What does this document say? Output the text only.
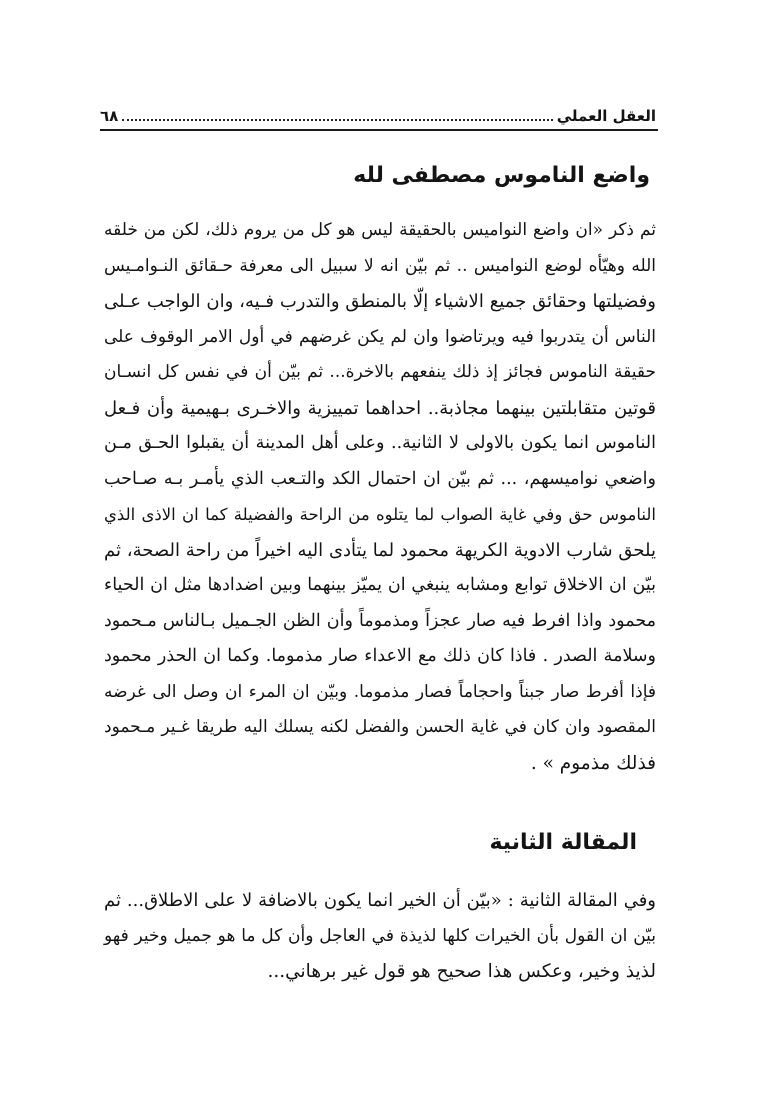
٦٨	العقل العملي
واضع الناموس مصطفى لله
ثم ذكر «ان واضع النواميس بالحقيقة ليس هو كل من يروم ذلك، لكن من خلقه
الله وهيّأه لوضع النواميس .. ثم بيّن انه لا سبيل الى معرفة حـقائق النـوامـيس
وفضيلتها وحقائق جميع الاشياء إلّا بالمنطق والتدرب فـيه، وان الواجب عـلى
الناس أن يتدربوا فيه ويرتاضوا وان لم يكن غرضهم في أول الامر الوقوف على
حقيقة الناموس فجائز إذ ذلك ينفعهم بالاخرة... ثم بيّن أن في نفس كل انسـان
قوتين متقابلتين بينهما مجاذبة.. احداهما تمييزية والاخـرى بـهيمية وأن فـعل
الناموس انما يكون بالاولى لا الثانية.. وعلى أهل المدينة أن يقبلوا الحـق مـن
واضعي نواميسهم، ... ثم بيّن ان احتمال الكد والتـعب الذي يأمـر بـه صـاحب
الناموس حق وفي غاية الصواب لما يتلوه من الراحة والفضيلة كما ان الاذى الذي
يلحق شارب الادوية الكريهة محمود لما يتأدى اليه اخيراً من راحة الصحة، ثم
بيّن ان الاخلاق توابع ومشابه ينبغي ان يميّز بينهما وبين اضدادها مثل ان الحياء
محمود واذا افرط فيه صار عجزاً ومذموماً وأن الظن الجـميل بـالناس مـحمود
وسلامة الصدر . فاذا كان ذلك مع الاعداء صار مذموما. وكما ان الحذر محمود
فإذا أفرط صار جبناً واحجاماً فصار مذموما. وبيّن ان المرء ان وصل الى غرضه
المقصود وان كان في غاية الحسن والفضل لكنه يسلك اليه طريقا غـير مـحمود
فذلك مذموم » .
المقالة الثانية
وفي المقالة الثانية : «بيّن أن الخير انما يكون بالاضافة لا على الاطلاق... ثم
بيّن ان القول بأن الخيرات كلها لذيذة في العاجل وأن كل ما هو جميل وخير فهو
لذيذ وخير، وعكس هذا صحيح هو قول غير برهاني...
